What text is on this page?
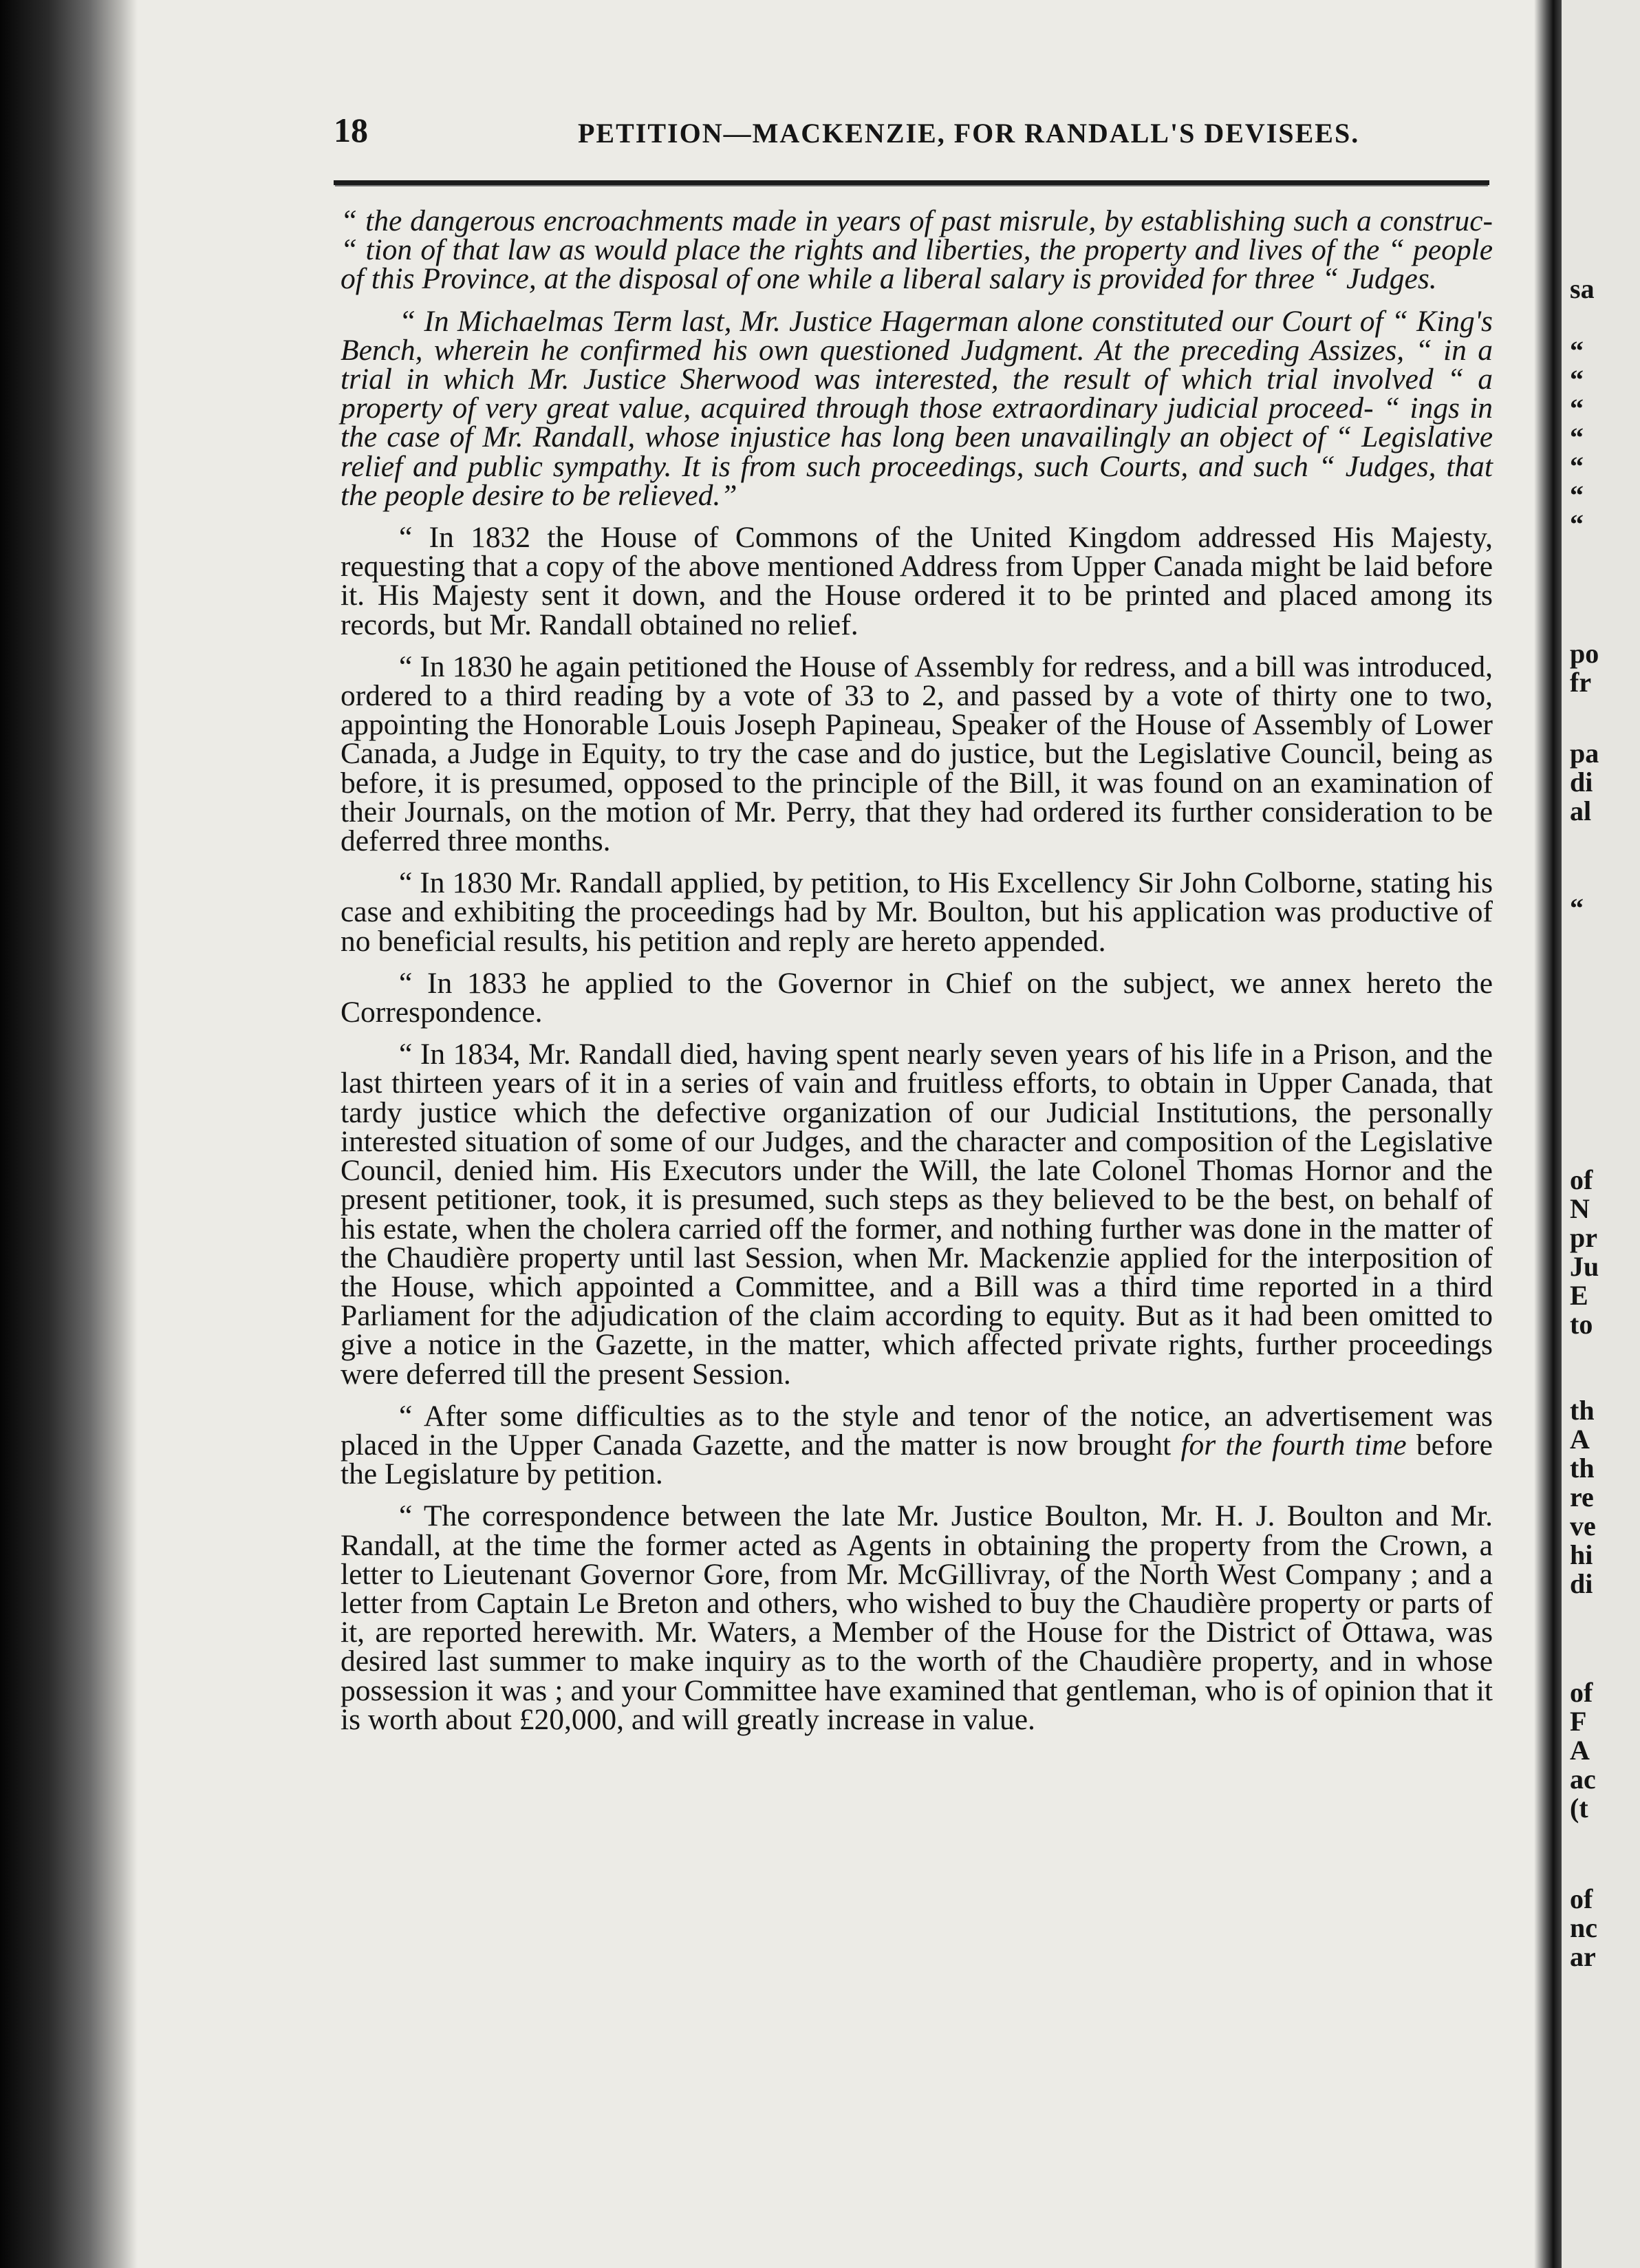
sa
“
“
“
“
“
“
“
po
fr
pa
di
al
“
of
N
pr
Ju
E
to
th
A
th
re
ve
hi
di
of
F
A
ac
(t
of
nc
ar
18	PETITION—MACKENZIE, FOR RANDALL'S DEVISEES.

“ the dangerous encroachments made in years of past misrule, by establishing such a construc- “ tion of that law as would place the rights and liberties, the property and lives of the “ people of this Province, at the disposal of one while a liberal salary is provided for three “ Judges.

“ In Michaelmas Term last, Mr. Justice Hagerman alone constituted our Court of “ King's Bench, wherein he confirmed his own questioned Judgment. At the preceding Assizes, “ in a trial in which Mr. Justice Sherwood was interested, the result of which trial involved “ a property of very great value, acquired through those extraordinary judicial proceed- “ ings in the case of Mr. Randall, whose injustice has long been unavailingly an object of “ Legislative relief and public sympathy. It is from such proceedings, such Courts, and such “ Judges, that the people desire to be relieved.”

“ In 1832 the House of Commons of the United Kingdom addressed His Majesty, requesting that a copy of the above mentioned Address from Upper Canada might be laid before it. His Majesty sent it down, and the House ordered it to be printed and placed among its records, but Mr. Randall obtained no relief.

“ In 1830 he again petitioned the House of Assembly for redress, and a bill was introduced, ordered to a third reading by a vote of 33 to 2, and passed by a vote of thirty one to two, appointing the Honorable Louis Joseph Papineau, Speaker of the House of Assembly of Lower Canada, a Judge in Equity, to try the case and do justice, but the Legislative Council, being as before, it is presumed, opposed to the principle of the Bill, it was found on an examination of their Journals, on the motion of Mr. Perry, that they had ordered its further consideration to be deferred three months.

“ In 1830 Mr. Randall applied, by petition, to His Excellency Sir John Colborne, stating his case and exhibiting the proceedings had by Mr. Boulton, but his application was productive of no beneficial results, his petition and reply are hereto appended.

“ In 1833 he applied to the Governor in Chief on the subject, we annex hereto the Correspondence.

“ In 1834, Mr. Randall died, having spent nearly seven years of his life in a Prison, and the last thirteen years of it in a series of vain and fruitless efforts, to obtain in Upper Canada, that tardy justice which the defective organization of our Judicial Institutions, the personally interested situation of some of our Judges, and the character and composition of the Legislative Council, denied him. His Executors under the Will, the late Colonel Thomas Hornor and the present petitioner, took, it is presumed, such steps as they believed to be the best, on behalf of his estate, when the cholera carried off the former, and nothing further was done in the matter of the Chaudière property until last Session, when Mr. Mackenzie applied for the interposition of the House, which appointed a Committee, and a Bill was a third time reported in a third Parliament for the adjudication of the claim according to equity. But as it had been omitted to give a notice in the Gazette, in the matter, which affected private rights, further proceedings were deferred till the present Session.

“ After some difficulties as to the style and tenor of the notice, an advertisement was placed in the Upper Canada Gazette, and the matter is now brought for the fourth time before the Legislature by petition.

“ The correspondence between the late Mr. Justice Boulton, Mr. H. J. Boulton and Mr. Randall, at the time the former acted as Agents in obtaining the property from the Crown, a letter to Lieutenant Governor Gore, from Mr. McGillivray, of the North West Company ; and a letter from Captain Le Breton and others, who wished to buy the Chaudière property or parts of it, are reported herewith. Mr. Waters, a Member of the House for the District of Ottawa, was desired last summer to make inquiry as to the worth of the Chaudière property, and in whose possession it was ; and your Committee have examined that gentleman, who is of opinion that it is worth about £20,000, and will greatly increase in value.
